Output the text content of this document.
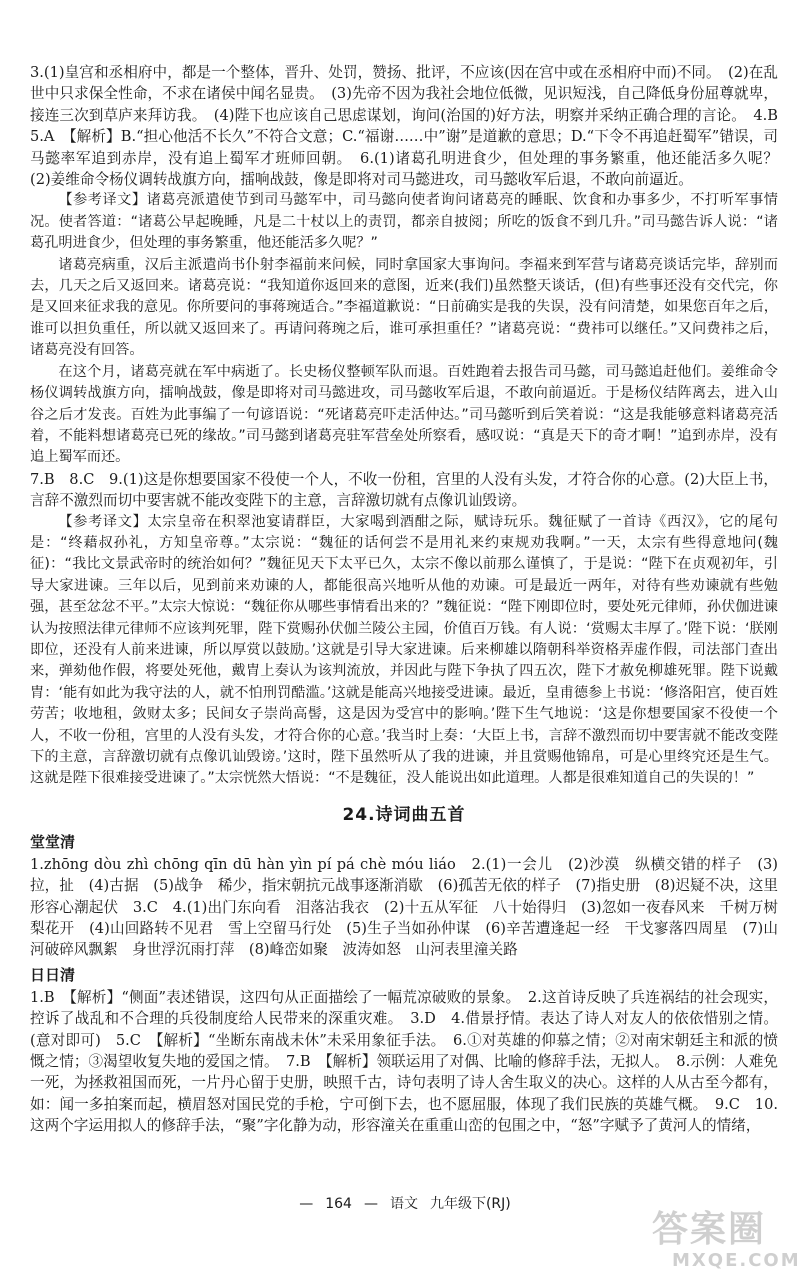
3.(1)皇宫和丞相府中，都是一个整体，晋升、处罚，赞扬、批评，不应该(因在宫中或在丞相府中而)不同。　(2)在乱世中只求保全性命，不求在诸侯中闻名显贵。　(3)先帝不因为我社会地位低微，见识短浅，自己降低身份屈尊就卑，接连三次到草庐来拜访我。　(4)陛下也应该自己思虑谋划，询问(治国的)好方法，明察并采纳正确合理的言论。　4.B　5.A　【解析】B.“担心他活不长久”不符合文意；C.“福谢……中”谢”是道歉的意思；D.“下令不再追赶蜀军”错误，司马懿率军追到赤岸，没有追上蜀军才班师回朝。　6.(1)诸葛孔明进食少，但处理的事务繁重，他还能活多久呢？　(2)姜维命令杨仪调转战旗方向，擂响战鼓，像是即将对司马懿进攻，司马懿收军后退，不敢向前逼近。

【参考译文】诸葛亮派遣使节到司马懿军中，司马懿向使者询问诸葛亮的睡眠、饮食和办事多少，不打听军事情况。使者答道：“诸葛公早起晚睡，凡是二十杖以上的责罚，都亲自披阅；所吃的饭食不到几升。”司马懿告诉人说：“诸葛孔明进食少，但处理的事务繁重，他还能活多久呢？”

诸葛亮病重，汉后主派遣尚书仆射李福前来问候，同时拿国家大事询问。李福来到军营与诸葛亮谈话完毕，辞别而去，几天之后又返回来。诸葛亮说：“我知道你返回来的意图，近来(我们)虽然整天谈话，(但)有些事还没有交代完，你是又回来征求我的意见。你所要问的事蒋琬适合。”李福道歉说：“日前确实是我的失误，没有问清楚，如果您百年之后，谁可以担负重任，所以就又返回来了。再请问蒋琬之后，谁可承担重任？”诸葛亮说：“费祎可以继任。”又问费祎之后，诸葛亮没有回答。

在这个月，诸葛亮就在军中病逝了。长史杨仪整顿军队而退。百姓跑着去报告司马懿，司马懿追赶他们。姜维命令杨仪调转战旗方向，擂响战鼓，像是即将对司马懿进攻，司马懿收军后退，不敢向前逼近。于是杨仪结阵离去，进入山谷之后才发丧。百姓为此事编了一句谚语说：“死诸葛亮吓走活仲达。”司马懿听到后笑着说：“这是我能够意料诸葛亮活着，不能料想诸葛亮已死的缘故。”司马懿到诸葛亮驻军营垒处所察看，感叹说：“真是天下的奇才啊！”追到赤岸，没有追上蜀军而还。

7.B　8.C　9.(1)这是你想要国家不役使一个人，不收一份租，宫里的人没有头发，才符合你的心意。(2)大臣上书，言辞不激烈而切中要害就不能改变陛下的主意，言辞激切就有点像讥讪毁谤。

【参考译文】太宗皇帝在积翠池宴请群臣，大家喝到酒酣之际，赋诗玩乐。魏征赋了一首诗《西汉》，它的尾句是：“终藉叔孙礼，方知皇帝尊。”太宗说：“魏征的话何尝不是用礼来约束规劝我啊。”一天，太宗有些得意地问(魏征)：“我比文景武帝时的统治如何？”魏征见天下太平已久，太宗不像以前那么谨慎了，于是说：“陛下在贞观初年，引导大家进谏。三年以后，见到前来劝谏的人，都能很高兴地听从他的劝谏。可是最近一两年，对待有些劝谏就有些勉强，甚至忿忿不平。”太宗大惊说：“魏征你从哪些事情看出来的？”魏征说：“陛下刚即位时，要处死元律师，孙伏伽进谏认为按照法律元律师不应该判死罪，陛下赏赐孙伏伽兰陵公主园，价值百万钱。有人说：‘赏赐太丰厚了。’陛下说：‘朕刚即位，还没有人前来进谏，所以厚赏以鼓励。’这就是引导大家进谏。后来柳雄以隋朝科举资格弄虚作假，司法部门查出来，弹劾他作假，将要处死他，戴胄上奏认为该判流放，并因此与陛下争执了四五次，陛下才赦免柳雄死罪。陛下说戴胄：‘能有如此为我守法的人，就不怕刑罚酷滥。’这就是能高兴地接受进谏。最近，皇甫德参上书说：‘修洛阳宫，使百姓劳苦；收地租，敛财太多；民间女子崇尚高髻，这是因为受宫中的影响。’陛下生气地说：‘这是你想要国家不役使一个人，不收一份租，宫里的人没有头发，才符合你的心意。’我当时上奏：‘大臣上书，言辞不激烈而切中要害就不能改变陛下的主意，言辞激切就有点像讥讪毁谤。’这时，陛下虽然听从了我的进谏，并且赏赐他锦帛，可是心里终究还是生气。这就是陛下很难接受进谏了。”太宗恍然大悟说：“不是魏征，没人能说出如此道理。人都是很难知道自己的失误的！”

24.诗词曲五首
堂堂清

1.zhōng dòu zhì chōng qīn dū hàn yìn pí pá chè móu liáo　2.(1)一会儿　(2)沙漠　纵横交错的样子　(3)拉，扯　(4)古据　(5)战争　稀少，指宋朝抗元战事逐渐消歇　(6)孤苦无依的样子　(7)指史册　(8)迟疑不决，这里形容心潮起伏　3.C　4.(1)出门东向看　泪落沾我衣　(2)十五从军征　八十始得归　(3)忽如一夜春风来　千树万树梨花开　(4)山回路转不见君　雪上空留马行处　(5)生子当如孙仲谋　(6)辛苦遭逢起一经　干戈寥落四周星　(7)山河破碎风飘絮　身世浮沉雨打萍　(8)峰峦如聚　波涛如怒　山河表里潼关路

日日清

1.B　【解析】“侧面”表述错误，这四句从正面描绘了一幅荒凉破败的景象。　2.这首诗反映了兵连祸结的社会现实，控诉了战乱和不合理的兵役制度给人民带来的深重灾难。　3.D　4.借景抒情。表达了诗人对友人的依依惜别之情。(意对即可)　5.C　【解析】“坐断东南战未休”未采用象征手法。　6.①对英雄的仰慕之情；②对南宋朝廷主和派的愤慨之情；③渴望收复失地的爱国之情。　7.B　【解析】领联运用了对偶、比喻的修辞手法，无拟人。　8.示例：人难免一死，为拯救祖国而死，一片丹心留于史册，映照千古，诗句表明了诗人舍生取义的决心。这样的人从古至今都有，如：闻一多拍案而起，横眉怒对国民党的手枪，宁可倒下去，也不愿屈服，体现了我们民族的英雄气概。　9.C　10.这两个字运用拟人的修辞手法，“聚”字化静为动，形容潼关在重重山峦的包围之中，“怒”字赋予了黄河人的情绪，

— 164 — 语文 九年级下(RJ)
答案圈
MXQE.COM
